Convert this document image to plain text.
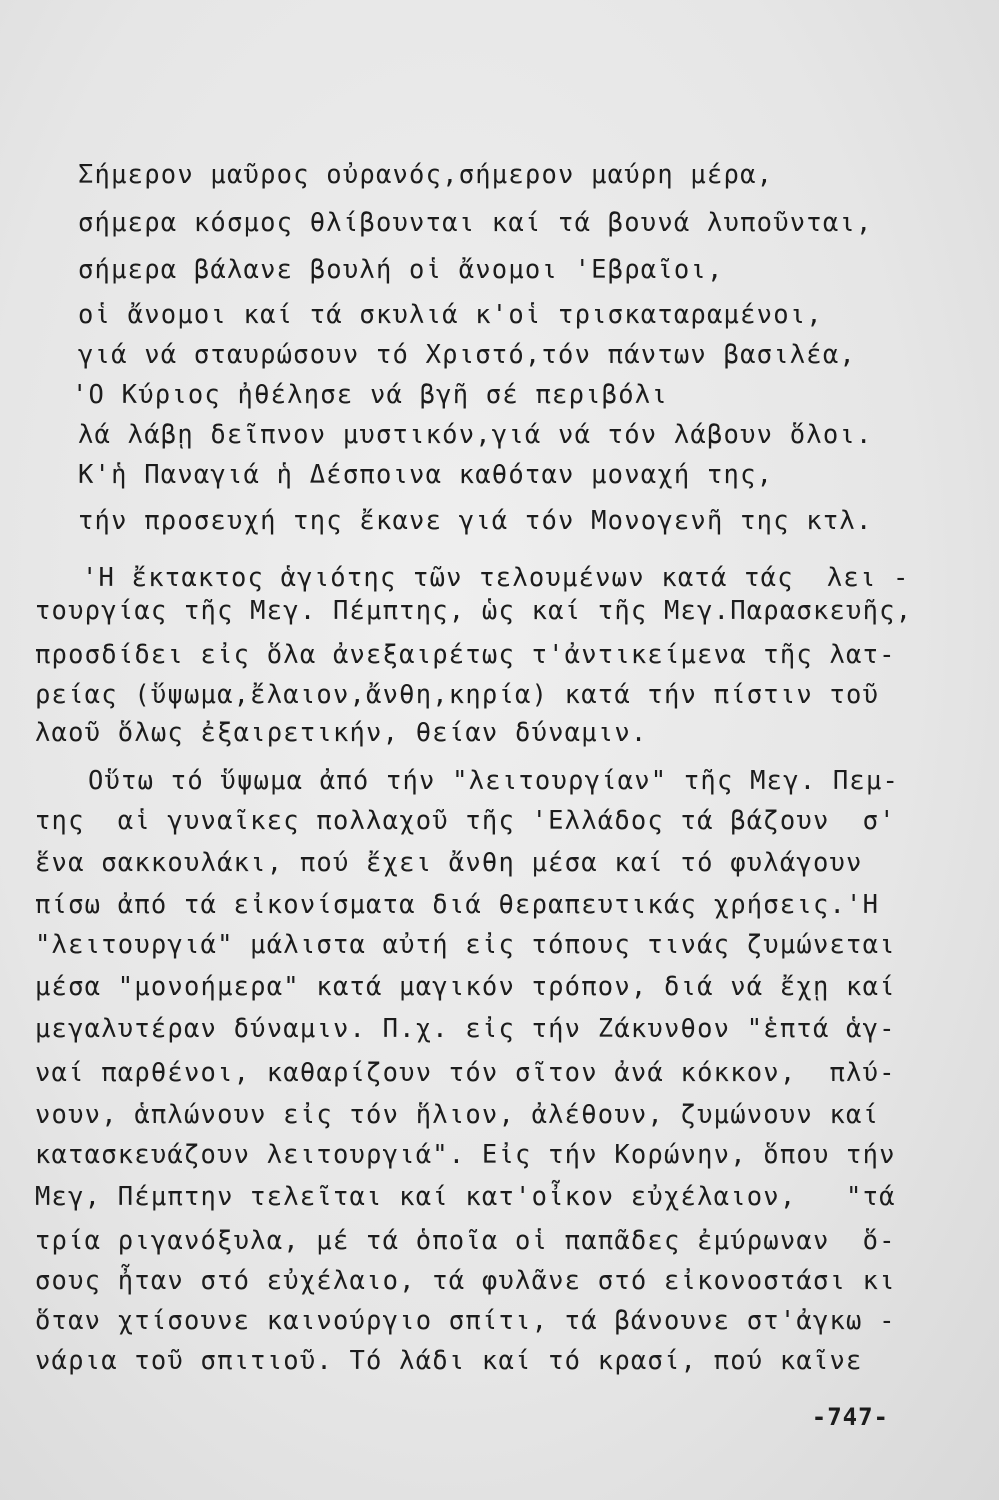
Σήμερον μαῦρος οὐρανός,σήμερον μαύρη μέρα,
σήμερα κόσμος θλίβουνται καί τά βουνά λυποῦνται,
σήμερα βάλανε βουλή οἱ ἄνομοι 'Εβραῖοι,
οἱ ἄνομοι καί τά σκυλιά κ'οἱ τρισκαταραμένοι,
γιά νά σταυρώσουν τό Χριστό,τόν πάντων βασιλέα,
'Ο Κύριος ἠθέλησε νά βγῆ σέ περιβόλι
λά λάβῃ δεῖπνον μυστικόν,γιά νά τόν λάβουν ὅλοι.
Κ'ἡ Παναγιά ἡ Δέσποινα καθόταν μοναχή της,
τήν προσευχή της ἔκανε γιά τόν Μονογενῆ της κτλ.
'Η ἔκτακτος ἁγιότης τῶν τελουμένων κατά τάς  λει -
τουργίας τῆς Μεγ. Πέμπτης, ὡς καί τῆς Μεγ.Παρασκευῆς,
προσδίδει εἰς ὅλα ἀνεξαιρέτως τ'ἀντικείμενα τῆς λατ-
ρείας (ὕψωμα,ἔλαιον,ἄνθη,κηρία) κατά τήν πίστιν τοῦ
λαοῦ ὅλως ἐξαιρετικήν, θείαν δύναμιν.
Οὕτω τό ὕψωμα ἀπό τήν "λειτουργίαν" τῆς Μεγ. Πεμ-
της  αἱ γυναῖκες πολλαχοῦ τῆς 'Ελλάδος τά βάζουν  σ'
ἕνα σακκουλάκι, πού ἔχει ἄνθη μέσα καί τό φυλάγουν
πίσω ἀπό τά εἰκονίσματα διά θεραπευτικάς χρήσεις.'Η
"λειτουργιά" μάλιστα αὐτή εἰς τόπους τινάς ζυμώνεται
μέσα "μονοήμερα" κατά μαγικόν τρόπον, διά νά ἔχῃ καί
μεγαλυτέραν δύναμιν. Π.χ. εἰς τήν Ζάκυνθον "ἑπτά ἁγ-
ναί παρθένοι, καθαρίζουν τόν σῖτον ἀνά κόκκον,  πλύ-
νουν, ἁπλώνουν εἰς τόν ἥλιον, ἀλέθουν, ζυμώνουν καί
κατασκευάζουν λειτουργιά". Εἰς τήν Κορώνην, ὅπου τήν
Μεγ, Πέμπτην τελεῖται καί κατ'οἶκον εὐχέλαιον,   "τά
τρία ριγανόξυλα, μέ τά ὁποῖα οἱ παπᾶδες ἐμύρωναν  ὅ-
σους ἦταν στό εὐχέλαιο, τά φυλᾶνε στό εἰκονοστάσι κι
ὅταν χτίσουνε καινούργιο σπίτι, τά βάνουνε στ'ἀγκω -
νάρια τοῦ σπιτιοῦ. Τό λάδι καί τό κρασί, πού καῖνε
-747-
